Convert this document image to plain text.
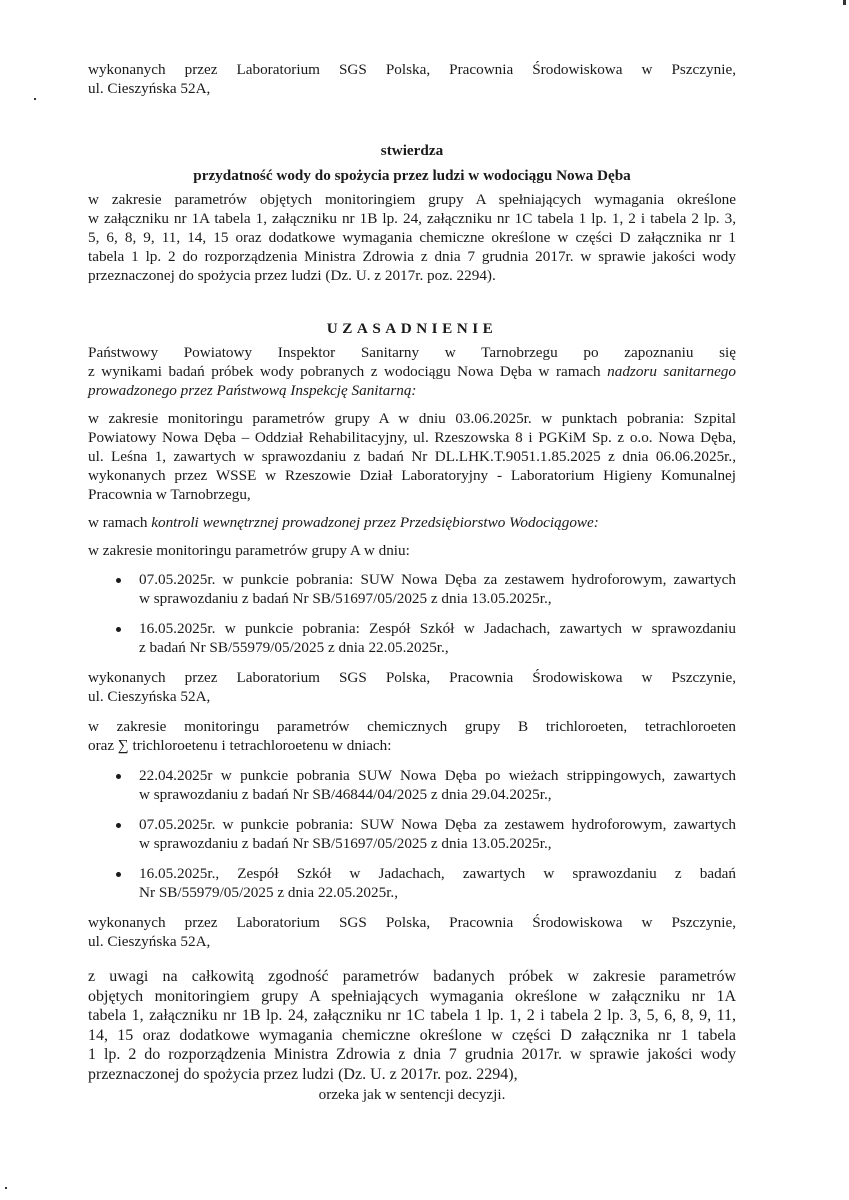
wykonanych przez Laboratorium SGS Polska, Pracownia Środowiskowa w Pszczynie,

ul. Cieszyńska 52A,

stwierdza

przydatność wody do spożycia przez ludzi w wodociągu Nowa Dęba

w zakresie parametrów objętych monitoringiem grupy A spełniających wymagania określone

w załączniku nr 1A tabela 1, załączniku nr 1B lp. 24, załączniku nr 1C tabela 1 lp. 1, 2 i tabela 2 lp. 3,

5, 6, 8, 9, 11, 14, 15 oraz dodatkowe wymagania chemiczne określone w części D załącznika nr 1

tabela 1 lp. 2 do rozporządzenia Ministra Zdrowia z dnia 7 grudnia 2017r. w sprawie jakości wody

przeznaczonej do spożycia przez ludzi (Dz. U. z 2017r. poz. 2294).

UZASADNIENIE

Państwowy Powiatowy Inspektor Sanitarny w Tarnobrzegu po zapoznaniu się

z wynikami badań próbek wody pobranych z wodociągu Nowa Dęba w ramach nadzoru sanitarnego

prowadzonego przez Państwową Inspekcję Sanitarną:

w zakresie monitoringu parametrów grupy A w dniu 03.06.2025r. w punktach pobrania: Szpital

Powiatowy Nowa Dęba – Oddział Rehabilitacyjny, ul. Rzeszowska 8 i PGKiM Sp. z o.o. Nowa Dęba,

ul. Leśna 1, zawartych w sprawozdaniu z badań Nr DL.LHK.T.9051.1.85.2025 z dnia 06.06.2025r.,

wykonanych przez WSSE w Rzeszowie Dział Laboratoryjny - Laboratorium Higieny Komunalnej

Pracownia w Tarnobrzegu,

w ramach kontroli wewnętrznej prowadzonej przez Przedsiębiorstwo Wodociągowe:

w zakresie monitoringu parametrów grupy A w dniu:

07.05.2025r. w punkcie pobrania: SUW Nowa Dęba za zestawem hydroforowym, zawartych

w sprawozdaniu z badań Nr SB/51697/05/2025 z dnia 13.05.2025r.,

16.05.2025r. w punkcie pobrania: Zespół Szkół w Jadachach, zawartych w sprawozdaniu

z badań Nr SB/55979/05/2025 z dnia 22.05.2025r.,

wykonanych przez Laboratorium SGS Polska, Pracownia Środowiskowa w Pszczynie,

ul. Cieszyńska 52A,

w zakresie monitoringu parametrów chemicznych grupy B trichloroeten, tetrachloroeten

oraz ∑ trichloroetenu i tetrachloroetenu w dniach:

22.04.2025r w punkcie pobrania SUW Nowa Dęba po wieżach strippingowych, zawartych

w sprawozdaniu z badań Nr SB/46844/04/2025 z dnia 29.04.2025r.,

07.05.2025r. w punkcie pobrania: SUW Nowa Dęba za zestawem hydroforowym, zawartych

w sprawozdaniu z badań Nr SB/51697/05/2025 z dnia 13.05.2025r.,

16.05.2025r., Zespół Szkół w Jadachach, zawartych w sprawozdaniu z badań

Nr SB/55979/05/2025 z dnia 22.05.2025r.,

wykonanych przez Laboratorium SGS Polska, Pracownia Środowiskowa w Pszczynie,

ul. Cieszyńska 52A,

z uwagi na całkowitą zgodność parametrów badanych próbek w zakresie parametrów

objętych monitoringiem grupy A spełniających wymagania określone w załączniku nr 1A

tabela 1, załączniku nr 1B lp. 24, załączniku nr 1C tabela 1 lp. 1, 2 i tabela 2 lp. 3, 5, 6, 8, 9, 11,

14, 15 oraz dodatkowe wymagania chemiczne określone w części D załącznika nr 1 tabela

1 lp. 2 do rozporządzenia Ministra Zdrowia z dnia 7 grudnia 2017r. w sprawie jakości wody

przeznaczonej do spożycia przez ludzi (Dz. U. z 2017r. poz. 2294),

orzeka jak w sentencji decyzji.
